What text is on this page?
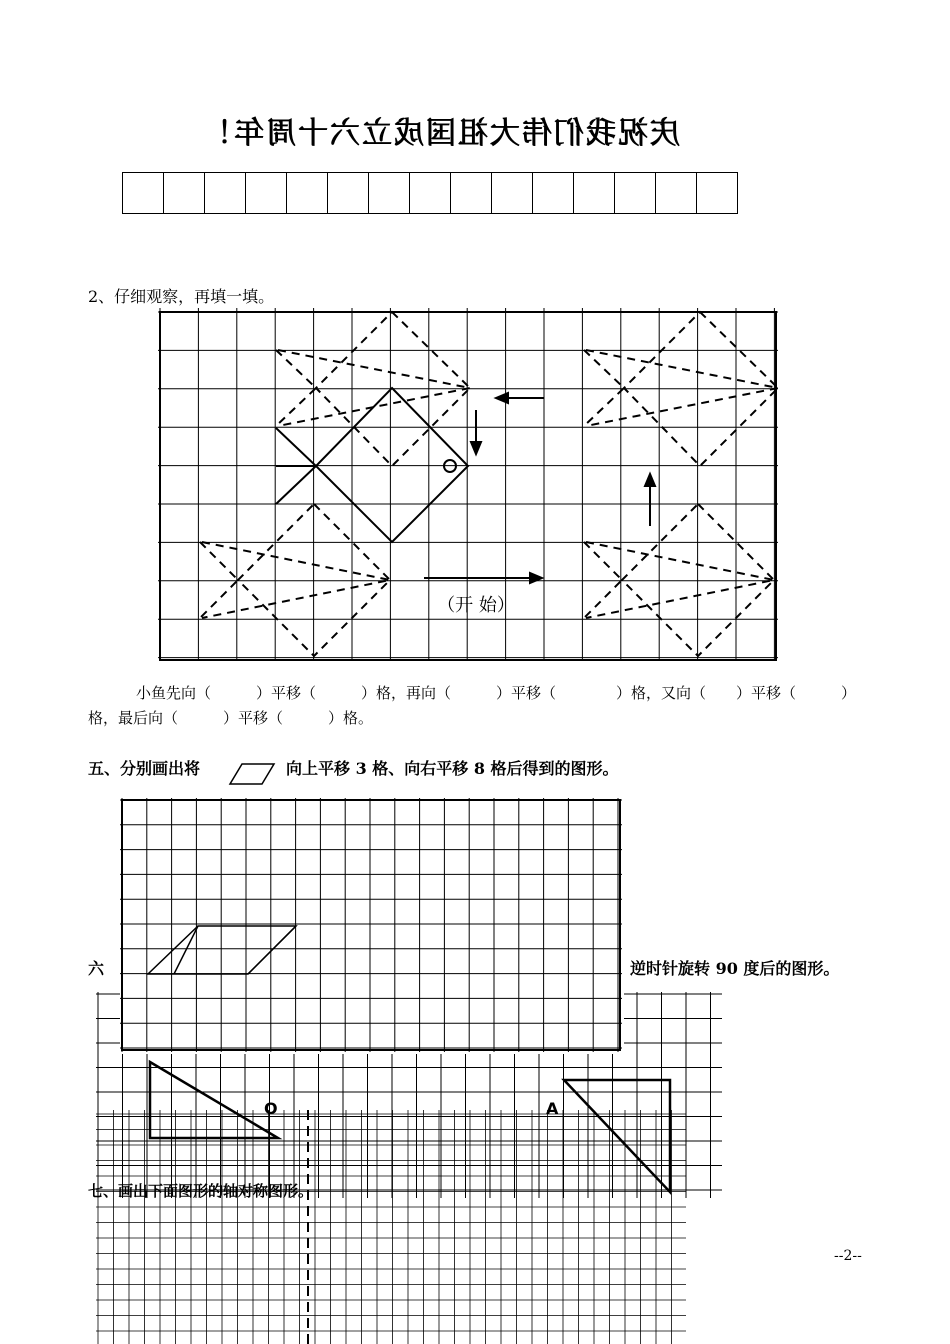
庆祝我们伟大祖国成立六十周年！
2、仔细观察，再填一填。
（开 始）
小鱼先向（　　　）平移（　　　）格，再向（　　　）平移（　　　　）格，又向（　　）平移（　　　）
格，最后向（　　　）平移（　　　）格。
五、分别画出将	向上平移 3 格、向右平移 8 格后得到的图形。
六	逆时针旋转 90 度后的图形。
O	A
七、画出下面图形的轴对称图形。
--2--
